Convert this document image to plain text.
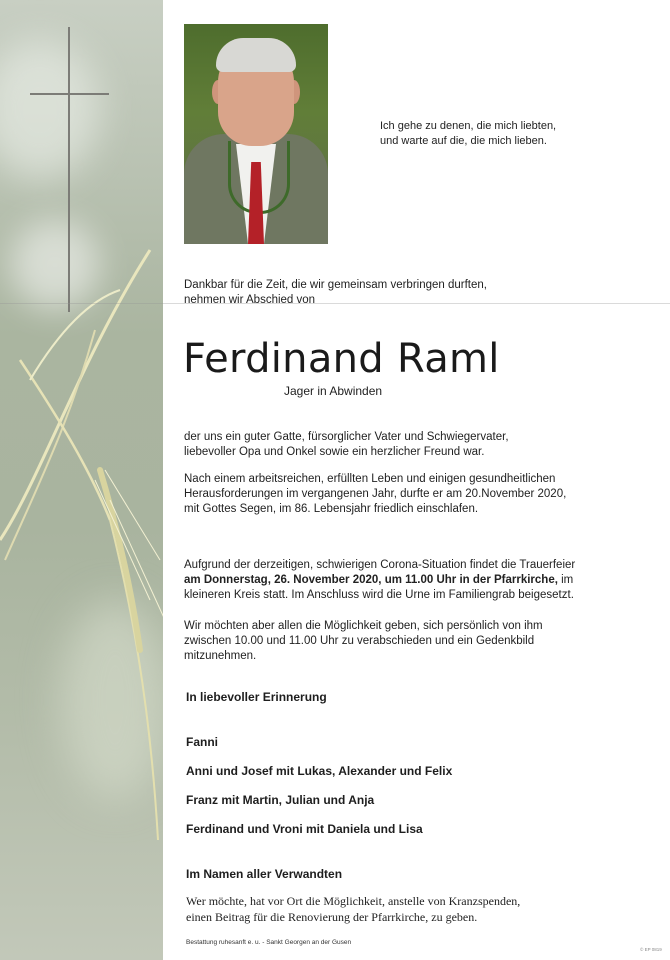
Ich gehe zu denen, die mich liebten,
und warte auf die, die mich lieben.
Dankbar für die Zeit, die wir gemeinsam verbringen durften,
nehmen wir Abschied von
Ferdinand Raml
Jager in Abwinden
der uns ein guter Gatte, fürsorglicher Vater und Schwiegervater,
liebevoller Opa und Onkel sowie ein herzlicher Freund war.
Nach einem arbeitsreichen, erfüllten Leben und einigen gesundheitlichen
Herausforderungen im vergangenen Jahr, durfte er am 20.November 2020,
mit Gottes Segen, im 86. Lebensjahr friedlich einschlafen.
Aufgrund der derzeitigen, schwierigen Corona-Situation findet die Trauerfeier
am Donnerstag, 26. November 2020, um 11.00 Uhr in der Pfarrkirche, im
kleineren Kreis statt. Im Anschluss wird die Urne im Familiengrab beigesetzt.
Wir möchten aber allen die Möglichkeit geben, sich persönlich von ihm
zwischen 10.00 und 11.00 Uhr zu verabschieden und ein Gedenkbild
mitzunehmen.
In liebevoller Erinnerung
Fanni
Anni und Josef mit Lukas, Alexander und Felix
Franz mit Martin, Julian und Anja
Ferdinand und Vroni mit Daniela und Lisa
Im Namen aller Verwandten
Wer möchte, hat vor Ort die Möglichkeit, anstelle von Kranzspenden,
einen Beitrag für die Renovierung der Pfarrkirche, zu geben.
Bestattung ruhesanft e. u. - Sankt Georgen an der Gusen
© EP 0819
